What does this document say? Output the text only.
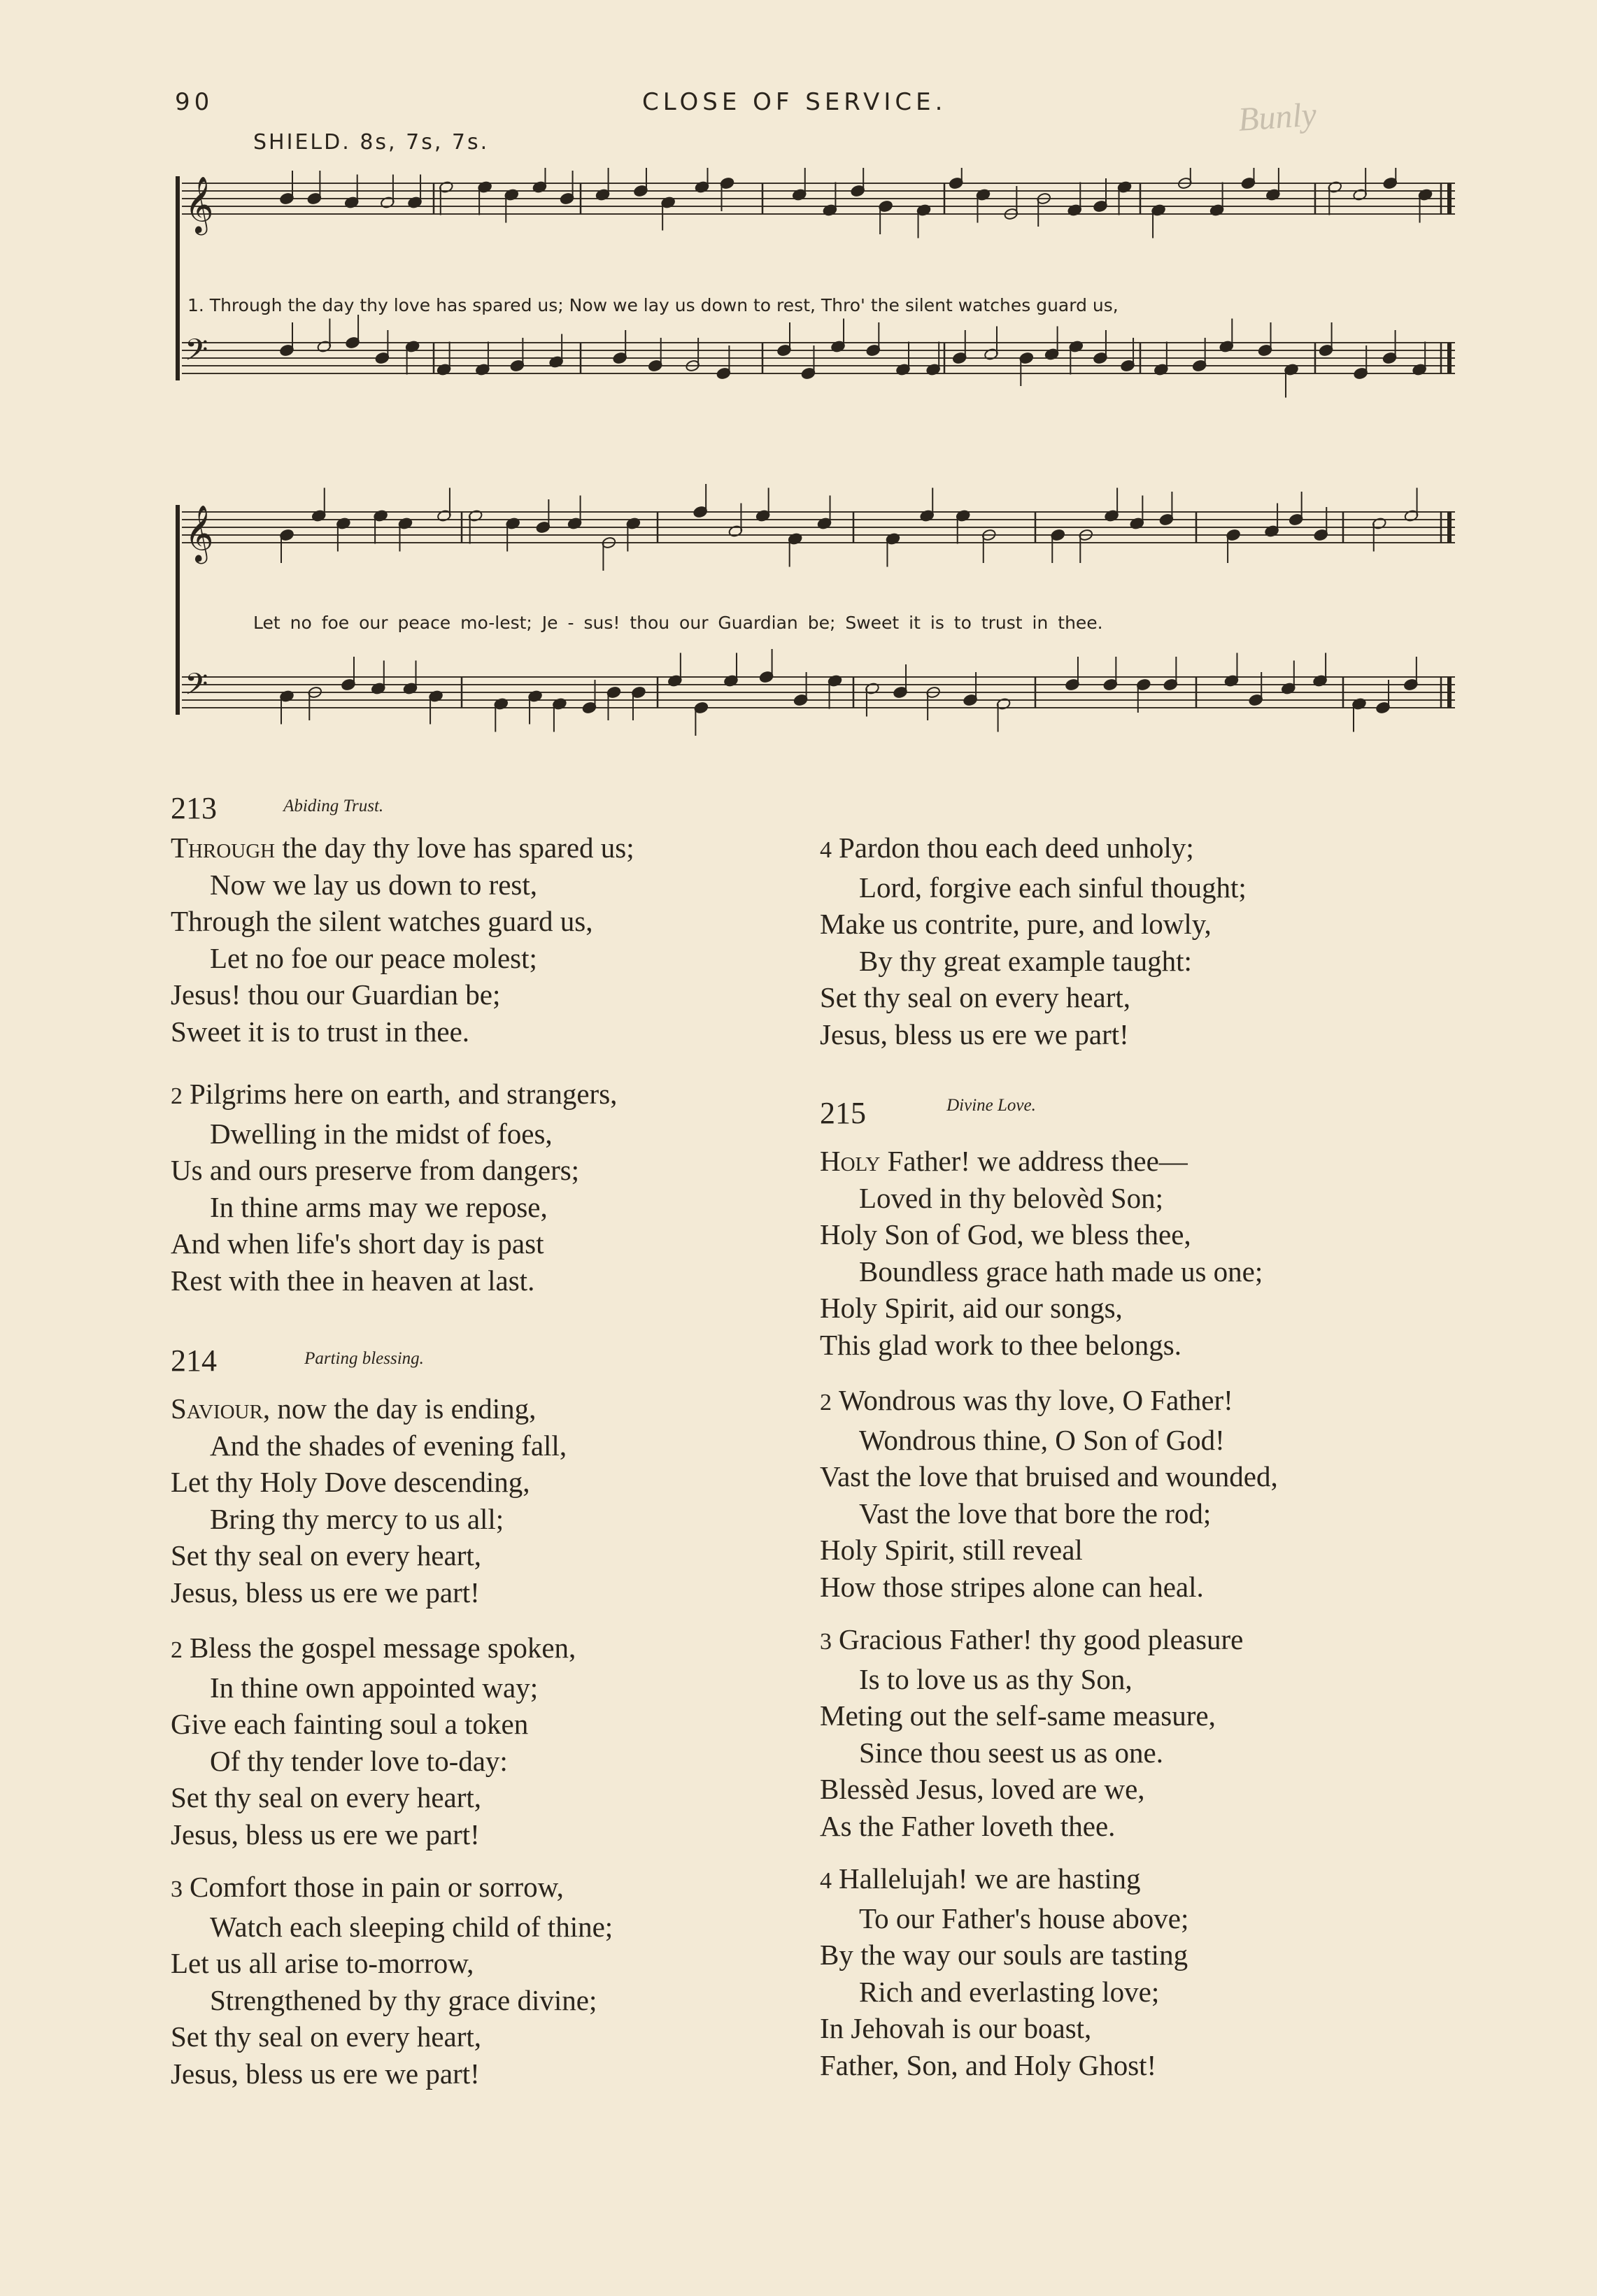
90	CLOSE OF SERVICE.	Bunly
SHIELD. 8s, 7s, 7s.
𝄞
𝄢
1. Through the day thy love has spared us; Now we lay us down to rest, Thro' the silent watches guard us,
𝄞
𝄢
Let no foe our peace mo-lest; Je - sus! thou our Guardian be; Sweet it is to trust in thee.
213	Abiding Trust.
Through the day thy love has spared us;
Now we lay us down to rest,
Through the silent watches guard us,
Let no foe our peace molest;
Jesus! thou our Guardian be;
Sweet it is to trust in thee.
2 Pilgrims here on earth, and strangers,
Dwelling in the midst of foes,
Us and ours preserve from dangers;
In thine arms may we repose,
And when life's short day is past
Rest with thee in heaven at last.
214	Parting blessing.
Saviour, now the day is ending,
And the shades of evening fall,
Let thy Holy Dove descending,
Bring thy mercy to us all;
Set thy seal on every heart,
Jesus, bless us ere we part!
2 Bless the gospel message spoken,
In thine own appointed way;
Give each fainting soul a token
Of thy tender love to-day:
Set thy seal on every heart,
Jesus, bless us ere we part!
3 Comfort those in pain or sorrow,
Watch each sleeping child of thine;
Let us all arise to-morrow,
Strengthened by thy grace divine;
Set thy seal on every heart,
Jesus, bless us ere we part!
4 Pardon thou each deed unholy;
Lord, forgive each sinful thought;
Make us contrite, pure, and lowly,
By thy great example taught:
Set thy seal on every heart,
Jesus, bless us ere we part!
215	Divine Love.
Holy Father! we address thee—
Loved in thy belovèd Son;
Holy Son of God, we bless thee,
Boundless grace hath made us one;
Holy Spirit, aid our songs,
This glad work to thee belongs.
2 Wondrous was thy love, O Father!
Wondrous thine, O Son of God!
Vast the love that bruised and wounded,
Vast the love that bore the rod;
Holy Spirit, still reveal
How those stripes alone can heal.
3 Gracious Father! thy good pleasure
Is to love us as thy Son,
Meting out the self-same measure,
Since thou seest us as one.
Blessèd Jesus, loved are we,
As the Father loveth thee.
4 Hallelujah! we are hasting
To our Father's house above;
By the way our souls are tasting
Rich and everlasting love;
In Jehovah is our boast,
Father, Son, and Holy Ghost!
